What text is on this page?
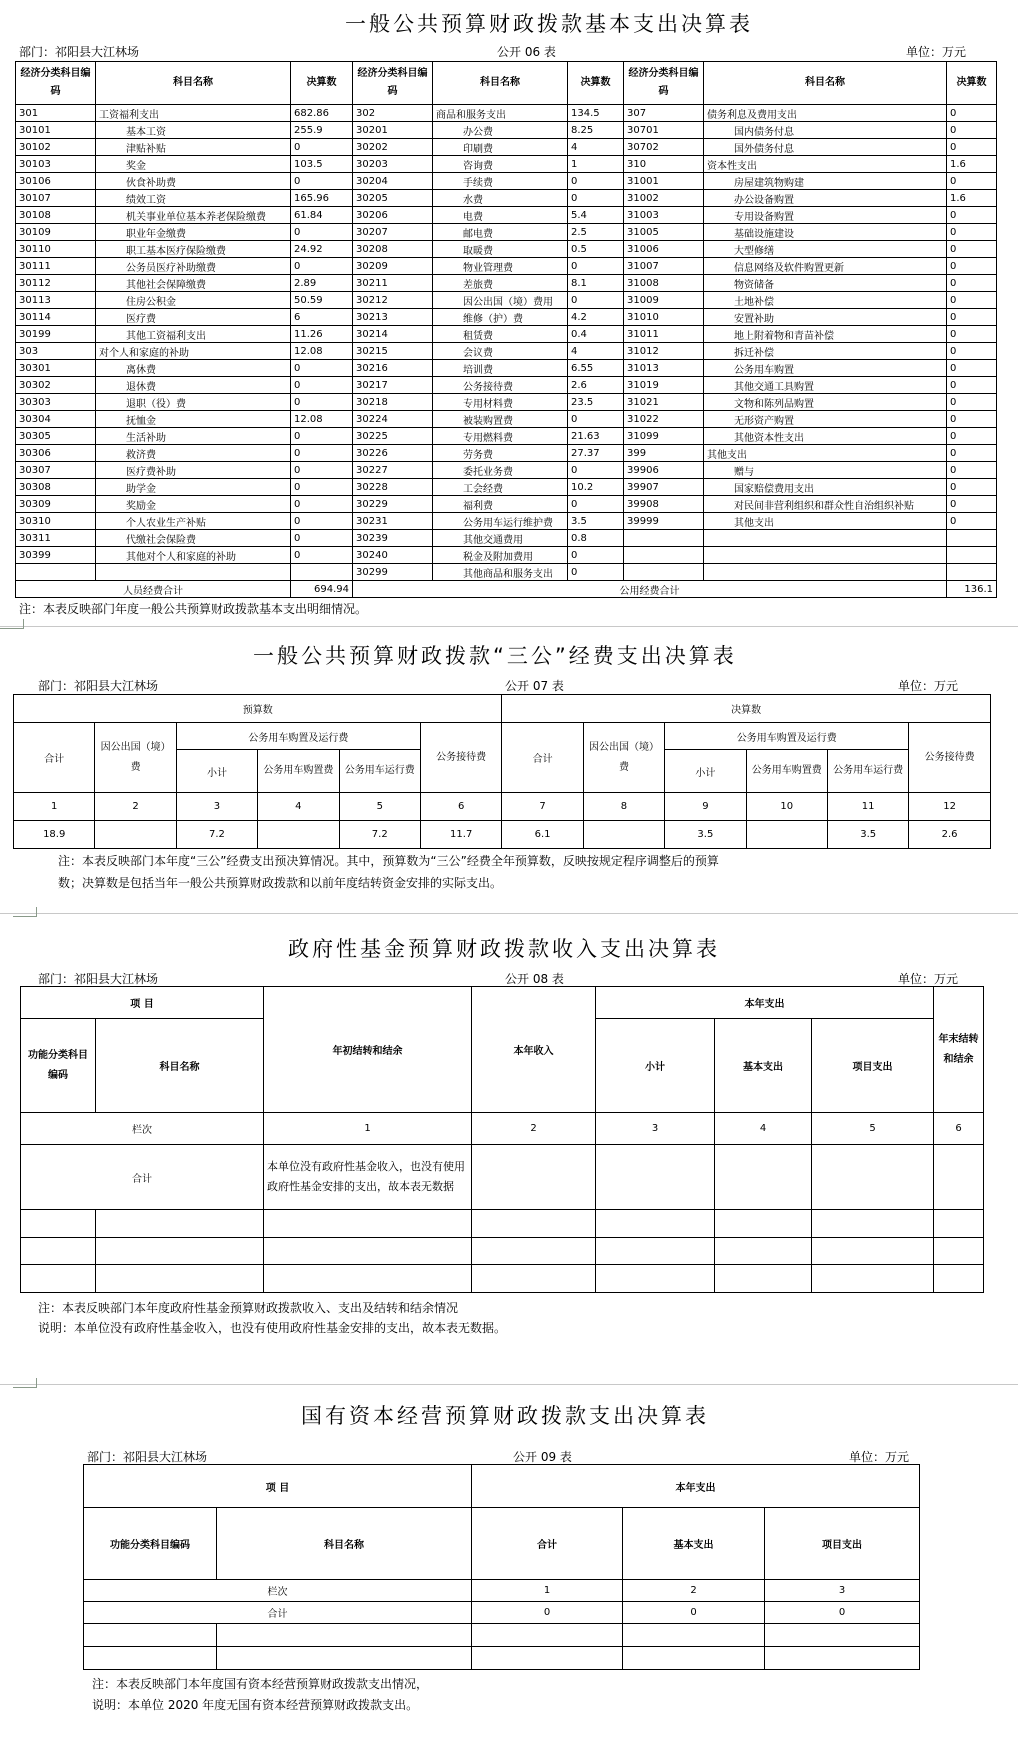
一般公共预算财政拨款基本支出决算表
部门：祁阳县大江林场	公开 06 表	单位：万元
经济分类科目编码	科目名称	决算数	经济分类科目编码	科目名称	决算数	经济分类科目编码	科目名称	决算数
301	工资福利支出	682.86	302	商品和服务支出	134.5	307	债务利息及费用支出	0
30101	基本工资	255.9	30201	办公费	8.25	30701	国内债务付息	0
30102	津贴补贴	0	30202	印刷费	4	30702	国外债务付息	0
30103	奖金	103.5	30203	咨询费	1	310	资本性支出	1.6
30106	伙食补助费	0	30204	手续费	0	31001	房屋建筑物购建	0
30107	绩效工资	165.96	30205	水费	0	31002	办公设备购置	1.6
30108	机关事业单位基本养老保险缴费	61.84	30206	电费	5.4	31003	专用设备购置	0
30109	职业年金缴费	0	30207	邮电费	2.5	31005	基础设施建设	0
30110	职工基本医疗保险缴费	24.92	30208	取暖费	0.5	31006	大型修缮	0
30111	公务员医疗补助缴费	0	30209	物业管理费	0	31007	信息网络及软件购置更新	0
30112	其他社会保障缴费	2.89	30211	差旅费	8.1	31008	物资储备	0
30113	住房公积金	50.59	30212	因公出国（境）费用	0	31009	土地补偿	0
30114	医疗费	6	30213	维修（护）费	4.2	31010	安置补助	0
30199	其他工资福利支出	11.26	30214	租赁费	0.4	31011	地上附着物和青苗补偿	0
303	对个人和家庭的补助	12.08	30215	会议费	4	31012	拆迁补偿	0
30301	离休费	0	30216	培训费	6.55	31013	公务用车购置	0
30302	退休费	0	30217	公务接待费	2.6	31019	其他交通工具购置	0
30303	退职（役）费	0	30218	专用材料费	23.5	31021	文物和陈列品购置	0
30304	抚恤金	12.08	30224	被装购置费	0	31022	无形资产购置	0
30305	生活补助	0	30225	专用燃料费	21.63	31099	其他资本性支出	0
30306	救济费	0	30226	劳务费	27.37	399	其他支出	0
30307	医疗费补助	0	30227	委托业务费	0	39906	赠与	0
30308	助学金	0	30228	工会经费	10.2	39907	国家赔偿费用支出	0
30309	奖励金	0	30229	福利费	0	39908	对民间非营利组织和群众性自治组织补贴	0
30310	个人农业生产补贴	0	30231	公务用车运行维护费	3.5	39999	其他支出	0
30311	代缴社会保险费	0	30239	其他交通费用	0.8			
30399	其他对个人和家庭的补助	0	30240	税金及附加费用	0			
			30299	其他商品和服务支出	0			
人员经费合计		694.94	公用经费合计					136.1
注：本表反映部门年度一般公共预算财政拨款基本支出明细情况。
一般公共预算财政拨款“三公”经费支出决算表
部门：祁阳县大江林场	公开 07 表	单位：万元
预算数						决算数					
合计	因公出国（境）费	公务用车购置及运行费			公务接待费	合计	因公出国（境）费	公务用车购置及运行费			公务接待费
		小计	公务用车购置费	公务用车运行费				小计	公务用车购置费	公务用车运行费	
1	2	3	4	5	6	7	8	9	10	11	12
18.9		7.2		7.2	11.7	6.1		3.5		3.5	2.6
注：本表反映部门本年度“三公”经费支出预决算情况。其中，预算数为“三公”经费全年预算数，反映按规定程序调整后的预算
数；决算数是包括当年一般公共预算财政拨款和以前年度结转资金安排的实际支出。
政府性基金预算财政拨款收入支出决算表
部门：祁阳县大江林场	公开 08 表	单位：万元
项 目		年初结转和结余	本年收入	本年支出			年末结转和结余
功能分类科目编码	科目名称			小计	基本支出	项目支出	
栏次		1	2	3	4	5	6
合计		本单位没有政府性基金收入，也没有使用政府性基金安排的支出，故本表无数据					

注：本表反映部门本年度政府性基金预算财政拨款收入、支出及结转和结余情况
说明：本单位没有政府性基金收入，也没有使用政府性基金安排的支出，故本表无数据。
国有资本经营预算财政拨款支出决算表
部门：祁阳县大江林场	公开 09 表	单位：万元
项 目		本年支出		
功能分类科目编码	科目名称	合计	基本支出	项目支出
栏次		1	2	3
合计		0	0	0

注：本表反映部门本年度国有资本经营预算财政拨款支出情况，
说明：本单位 2020 年度无国有资本经营预算财政拨款支出。
